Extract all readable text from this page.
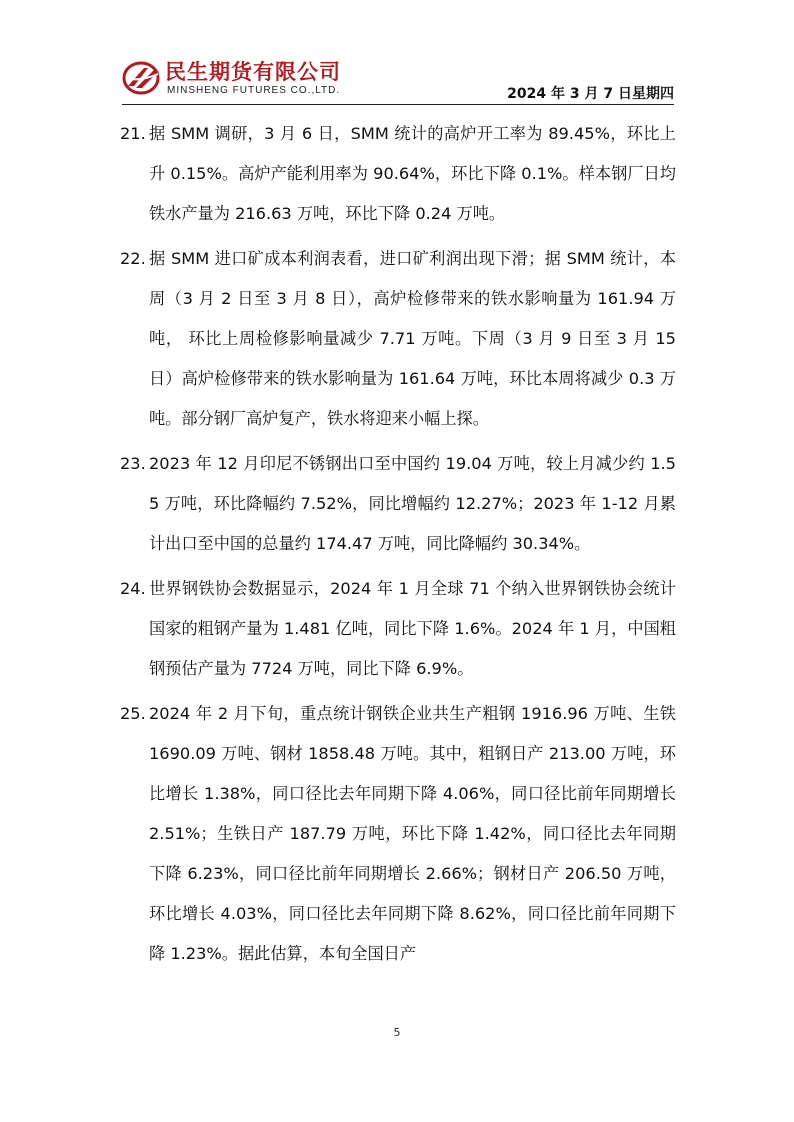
民生期货有限公司
MINSHENG FUTURES CO.,LTD.	2024 年 3 月 7 日星期四
21. 据 SMM 调研，3 月 6 日，SMM 统计的高炉开工率为 89.45%，环比上升 0.15%。高炉产能利用率为 90.64%，环比下降 0.1%。样本钢厂日均铁水产量为 216.63 万吨，环比下降 0.24 万吨。
22. 据 SMM 进口矿成本利润表看，进口矿利润出现下滑；据 SMM 统计，本周（3 月 2 日至 3 月 8 日），高炉检修带来的铁水影响量为 161.94 万吨， 环比上周检修影响量减少 7.71 万吨。下周（3 月 9 日至 3 月 15 日）高炉检修带来的铁水影响量为 161.64 万吨，环比本周将减少 0.3 万吨。部分钢厂高炉复产，铁水将迎来小幅上探。
23. 2023 年 12 月印尼不锈钢出口至中国约 19.04 万吨，较上月减少约 1.55 万吨，环比降幅约 7.52%，同比增幅约 12.27%；2023 年 1-12 月累计出口至中国的总量约 174.47 万吨，同比降幅约 30.34%。
24. 世界钢铁协会数据显示，2024 年 1 月全球 71 个纳入世界钢铁协会统计国家的粗钢产量为 1.481 亿吨，同比下降 1.6%。2024 年 1 月，中国粗钢预估产量为 7724 万吨，同比下降 6.9%。
25. 2024 年 2 月下旬，重点统计钢铁企业共生产粗钢 1916.96 万吨、生铁 1690.09 万吨、钢材 1858.48 万吨。其中，粗钢日产 213.00 万吨，环比增长 1.38%，同口径比去年同期下降 4.06%，同口径比前年同期增长 2.51%；生铁日产 187.79 万吨，环比下降 1.42%，同口径比去年同期下降 6.23%，同口径比前年同期增长 2.66%；钢材日产 206.50 万吨，环比增长 4.03%，同口径比去年同期下降 8.62%，同口径比前年同期下降 1.23%。据此估算，本旬全国日产
5
